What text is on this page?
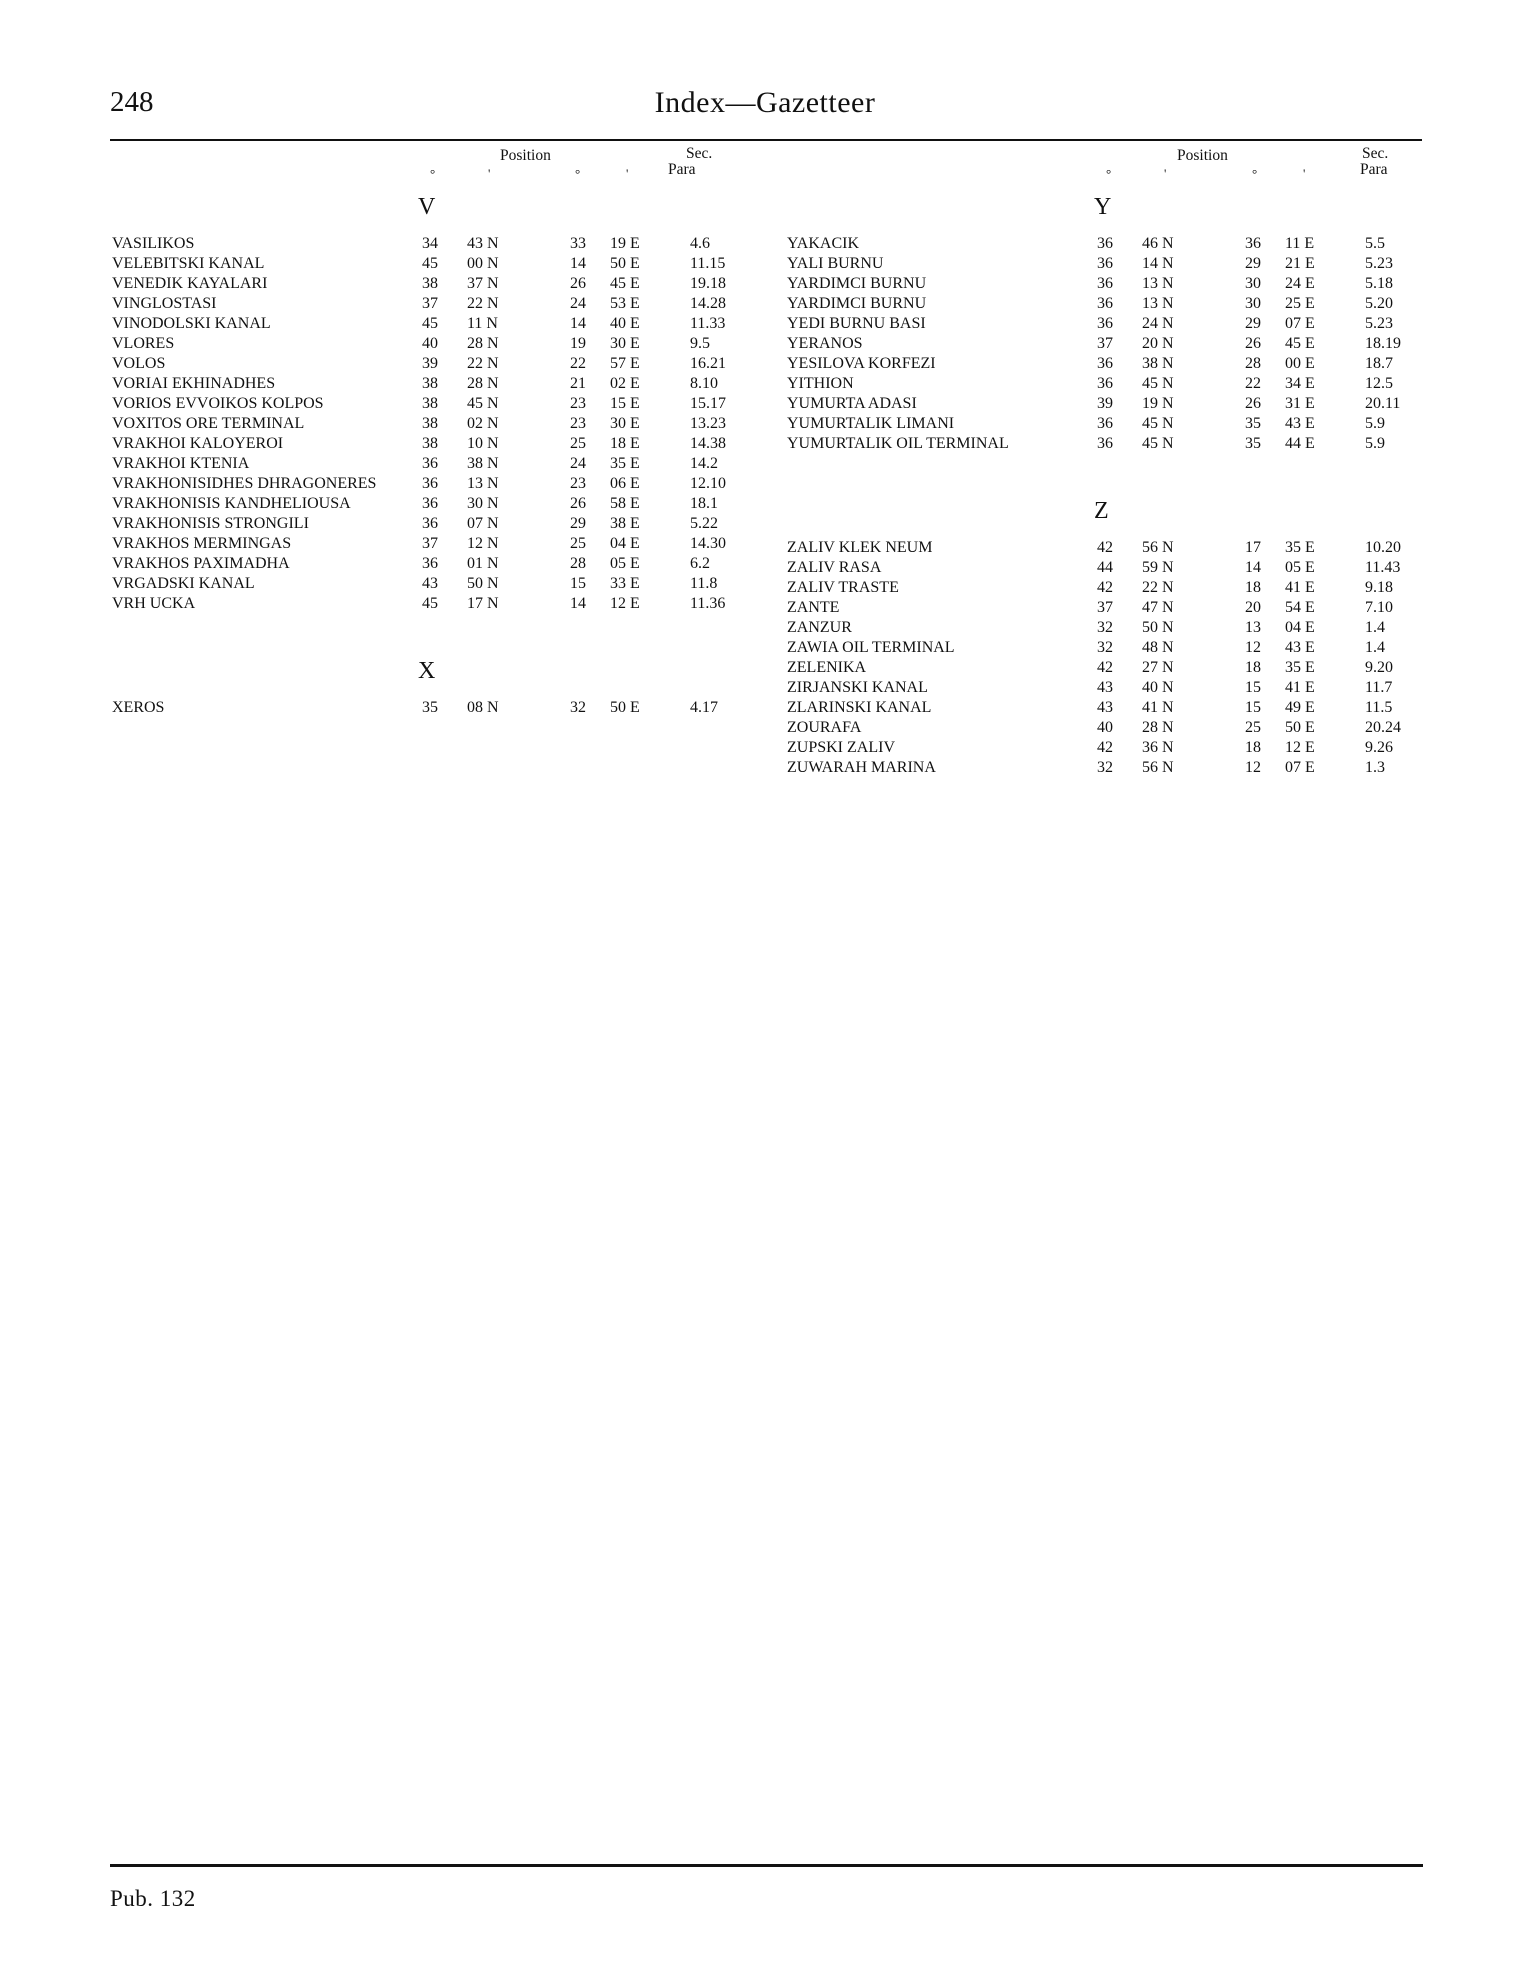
248	Index—Gazetteer
Position
°	'	°	'
Sec.
Para
V
VASILIKOS	34 43 N	33 19 E	4.6
VELEBITSKI KANAL	45 00 N	14 50 E	11.15
VENEDIK KAYALARI	38 37 N	26 45 E	19.18
VINGLOSTASI	37 22 N	24 53 E	14.28
VINODOLSKI KANAL	45 11 N	14 40 E	11.33
VLORES	40 28 N	19 30 E	9.5
VOLOS	39 22 N	22 57 E	16.21
VORIAI EKHINADHES	38 28 N	21 02 E	8.10
VORIOS EVVOIKOS KOLPOS	38 45 N	23 15 E	15.17
VOXITOS ORE TERMINAL	38 02 N	23 30 E	13.23
VRAKHOI KALOYEROI	38 10 N	25 18 E	14.38
VRAKHOI KTENIA	36 38 N	24 35 E	14.2
VRAKHONISIDHES DHRAGONERES	36 13 N	23 06 E	12.10
VRAKHONISIS KANDHELIOUSA	36 30 N	26 58 E	18.1
VRAKHONISIS STRONGILI	36 07 N	29 38 E	5.22
VRAKHOS MERMINGAS	37 12 N	25 04 E	14.30
VRAKHOS PAXIMADHA	36 01 N	28 05 E	6.2
VRGADSKI KANAL	43 50 N	15 33 E	11.8
VRH UCKA	45 17 N	14 12 E	11.36
X
XEROS	35 08 N	32 50 E	4.17
Position
°	'	°	'
Sec.
Para
Y
YAKACIK	36 46 N	36 11 E	5.5
YALI BURNU	36 14 N	29 21 E	5.23
YARDIMCI BURNU	36 13 N	30 24 E	5.18
YARDIMCI BURNU	36 13 N	30 25 E	5.20
YEDI BURNU BASI	36 24 N	29 07 E	5.23
YERANOS	37 20 N	26 45 E	18.19
YESILOVA KORFEZI	36 38 N	28 00 E	18.7
YITHION	36 45 N	22 34 E	12.5
YUMURTA ADASI	39 19 N	26 31 E	20.11
YUMURTALIK LIMANI	36 45 N	35 43 E	5.9
YUMURTALIK OIL TERMINAL	36 45 N	35 44 E	5.9
Z
ZALIV KLEK NEUM	42 56 N	17 35 E	10.20
ZALIV RASA	44 59 N	14 05 E	11.43
ZALIV TRASTE	42 22 N	18 41 E	9.18
ZANTE	37 47 N	20 54 E	7.10
ZANZUR	32 50 N	13 04 E	1.4
ZAWIA OIL TERMINAL	32 48 N	12 43 E	1.4
ZELENIKA	42 27 N	18 35 E	9.20
ZIRJANSKI KANAL	43 40 N	15 41 E	11.7
ZLARINSKI KANAL	43 41 N	15 49 E	11.5
ZOURAFA	40 28 N	25 50 E	20.24
ZUPSKI ZALIV	42 36 N	18 12 E	9.26
ZUWARAH MARINA	32 56 N	12 07 E	1.3
Pub. 132
